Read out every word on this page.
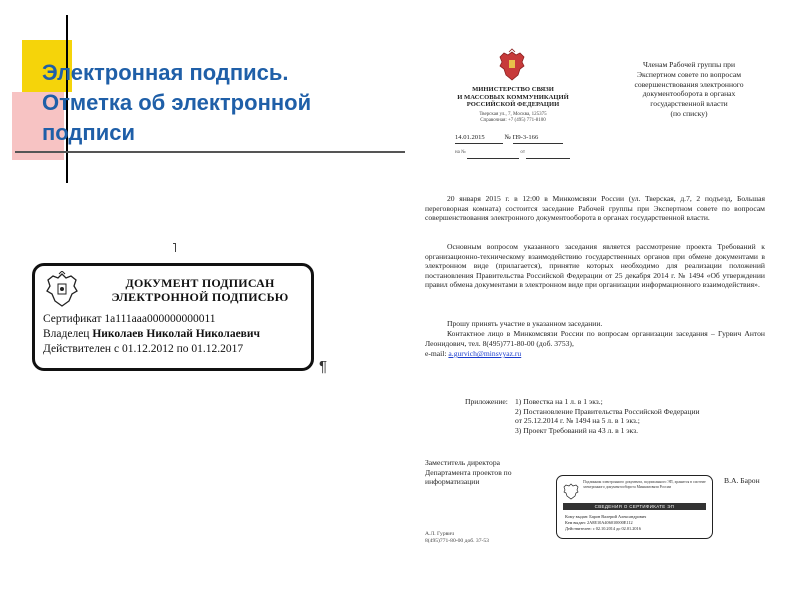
Электронная подпись.
Отметка об электронной
подписи
˥
ДОКУМЕНТ ПОДПИСАН
ЭЛЕКТРОННОЙ ПОДПИСЬЮ
Сертификат 1a111aaa000000000011
Владелец Николаев Николай Николаевич
Действителен с 01.12.2012 по 01.12.2017
¶
МИНИСТЕРСТВО СВЯЗИ
И МАССОВЫХ КОММУНИКАЦИЙ
РОССИЙСКОЙ ФЕДЕРАЦИИ
Тверская ул., 7, Москва, 125375
Справочная: +7 (495) 771-8100
14.01.2015	№ П9-3-166
на №	от
Членам Рабочей группы при
Экспертном совете по вопросам
совершенствования электронного
документооборота в органах
государственной власти
(по списку)

20 января 2015 г. в 12:00 в Минкомсвязи России (ул. Тверская, д.7, 2 подъезд, Большая переговорная комната) состоится заседание Рабочей группы при Экспертном совете по вопросам совершенствования электронного документооборота в органах государственной власти.

Основным вопросом указанного заседания является рассмотрение проекта Требований к организационно-техническому взаимодействию государственных органов при обмене документами в электронном виде (прилагается), принятие которых необходимо для реализации положений постановления Правительства Российской Федерации от 25 декабря 2014 г. № 1494 «Об утверждении правил обмена документами в электронном виде при организации информационного взаимодействия».

Прошу принять участие в указанном заседании.

Контактное лицо в Минкомсвязи России по вопросам организации заседания – Гурвич Антон Леонидович, тел. 8(495)771-80-00 (доб. 3753),

e-mail: a.gurvich@minsvyaz.ru
Приложение: 1) Повестка на 1 л. в 1 экз.;
2) Постановление Правительства Российской Федерации
от 25.12.2014 г. № 1494 на 5 л. в 1 экз.;
3) Проект Требований на 43 л. в 1 экз.
Заместитель директора
Департамента проектов по
информатизации	В.А. Барон
Подлинник электронного документа, подписанного ЭП, хранится в системе электронного документооборота Минкомсвязи России
СВЕДЕНИЯ О СЕРТИФИКАТЕ ЭП
Кому выдан: Барон Валерий Александрович
Кем выдан: 2A8E10A406010000E112
Действителен: с 02.10.2014 до 02.01.2016
А.Л. Гурвич
8(495)771-80-00 доб. 37-53
